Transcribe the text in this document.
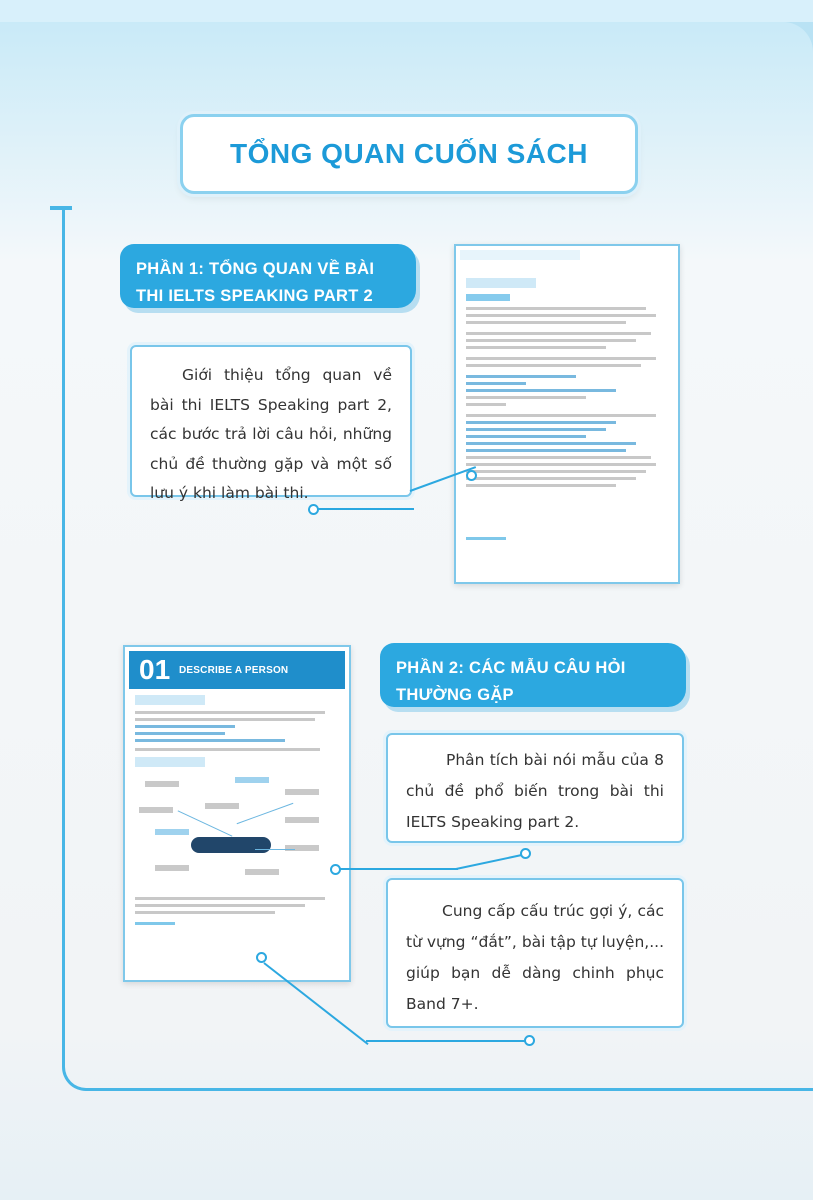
TỔNG QUAN CUỐN SÁCH
PHẦN 1: TỔNG QUAN VỀ BÀI
THI IELTS SPEAKING PART 2
Giới thiệu tổng quan về bài thi IELTS Speaking part 2, các bước trả lời câu hỏi, những chủ đề thường gặp và một số lưu ý khi làm bài thi.
PHẦN 2: CÁC MẪU CÂU HỎI
THƯỜNG GẶP
Phân tích bài nói mẫu của 8 chủ đề phổ biến trong bài thi IELTS Speaking part 2.
Cung cấp cấu trúc gợi ý, các từ vựng “đắt”, bài tập tự luyện,... giúp bạn dễ dàng chinh phục Band 7+.
01 DESCRIBE A PERSON
